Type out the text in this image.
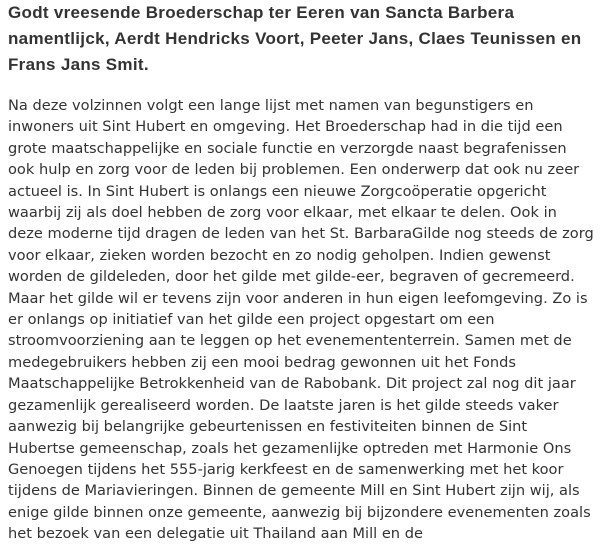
Godt vreesende Broederschap ter Eeren van Sancta Barbera namentlijck, Aerdt Hendricks Voort, Peeter Jans, Claes Teunissen en Frans Jans Smit.

Na deze volzinnen volgt een lange lijst met namen van begunstigers en inwoners uit Sint Hubert en omgeving. Het Broederschap had in die tijd een grote maatschappelijke en sociale functie en verzorgde naast begrafenissen ook hulp en zorg voor de leden bij problemen. Een onderwerp dat ook nu zeer actueel is. In Sint Hubert is onlangs een nieuwe Zorgcoöperatie opgericht waarbij zij als doel hebben de zorg voor elkaar, met elkaar te delen. Ook in deze moderne tijd dragen de leden van het St. BarbaraGilde nog steeds de zorg voor elkaar, zieken worden bezocht en zo nodig geholpen. Indien gewenst worden de gildeleden, door het gilde met gilde-eer, begraven of gecremeerd.

Maar het gilde wil er tevens zijn voor anderen in hun eigen leefomgeving. Zo is er onlangs op initiatief van het gilde een project opgestart om een stroomvoorziening aan te leggen op het evenemententerrein. Samen met de medegebruikers hebben zij een mooi bedrag gewonnen uit het Fonds Maatschappelijke Betrokkenheid van de Rabobank. Dit project zal nog dit jaar gezamenlijk gerealiseerd worden. De laatste jaren is het gilde steeds vaker aanwezig bij belangrijke gebeurtenissen en festiviteiten binnen de Sint Hubertse gemeenschap, zoals het gezamenlijke optreden met Harmonie Ons Genoegen tijdens het 555-jarig kerkfeest en de samenwerking met het koor tijdens de Mariavieringen. Binnen de gemeente Mill en Sint Hubert zijn wij, als enige gilde binnen onze gemeente, aanwezig bij bijzondere evenementen zoals het bezoek van een delegatie uit Thailand aan Mill en de
